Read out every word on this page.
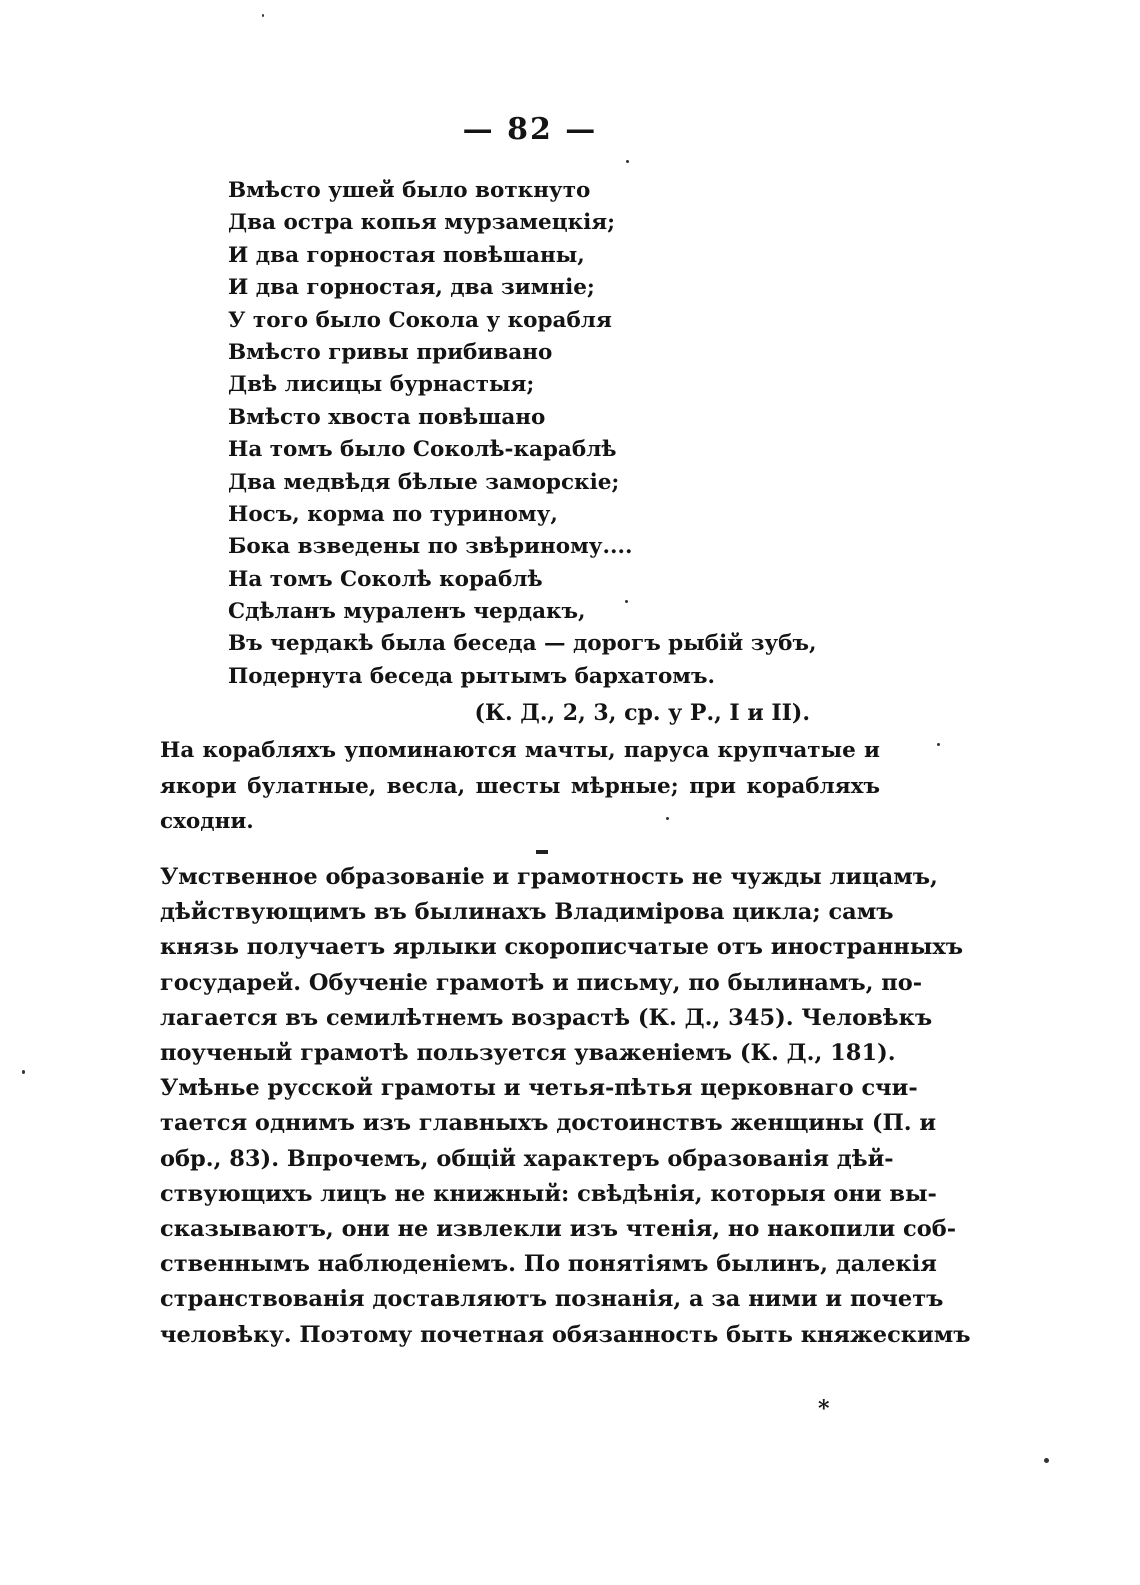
— 82 —
Вмѣсто ушей было воткнуто
Два остра копья мурзамецкія;
И два горностая повѣшаны,
И два горностая, два зимніе;
У того было Сокола у корабля
Вмѣсто гривы прибивано
Двѣ лисицы бурнастыя;
Вмѣсто хвоста повѣшано
На томъ было Соколѣ-караблѣ
Два медвѣдя бѣлые заморскіе;
Носъ, корма по туриному,
Бока взведены по звѣриному....
На томъ Соколѣ кораблѣ
Сдѣланъ мураленъ чердакъ,
Въ чердакѣ была беседа — дорогъ рыбій зубъ,
Подернута беседа рытымъ бархатомъ.
(К. Д., 2, 3, ср. у Р., I и II).
На корабляхъ упоминаются мачты, паруса крупчатые и
якори булатные, весла, шесты мѣрные; при корабляхъ
сходни.
Умственное образованіе и грамотность не чужды лицамъ,
дѣйствующимъ въ былинахъ Владимірова цикла; самъ
князь получаетъ ярлыки скорописчатые отъ иностранныхъ
государей. Обученіе грамотѣ и письму, по былинамъ, по-
лагается въ семилѣтнемъ возрастѣ (К. Д., 345). Человѣкъ
поученый грамотѣ пользуется уваженіемъ (К. Д., 181).
Умѣнье русской грамоты и четья-пѣтья церковнаго счи-
тается однимъ изъ главныхъ достоинствъ женщины (П. и
обр., 83). Впрочемъ, общій характеръ образованія дѣй-
ствующихъ лицъ не книжный: свѣдѣнія, которыя они вы-
сказываютъ, они не извлекли изъ чтенія, но накопили соб-
ственнымъ наблюденіемъ. По понятіямъ былинъ, далекія
странствованія доставляютъ познанія, а за ними и почетъ
человѣку. Поэтому почетная обязанность быть княжескимъ
*
